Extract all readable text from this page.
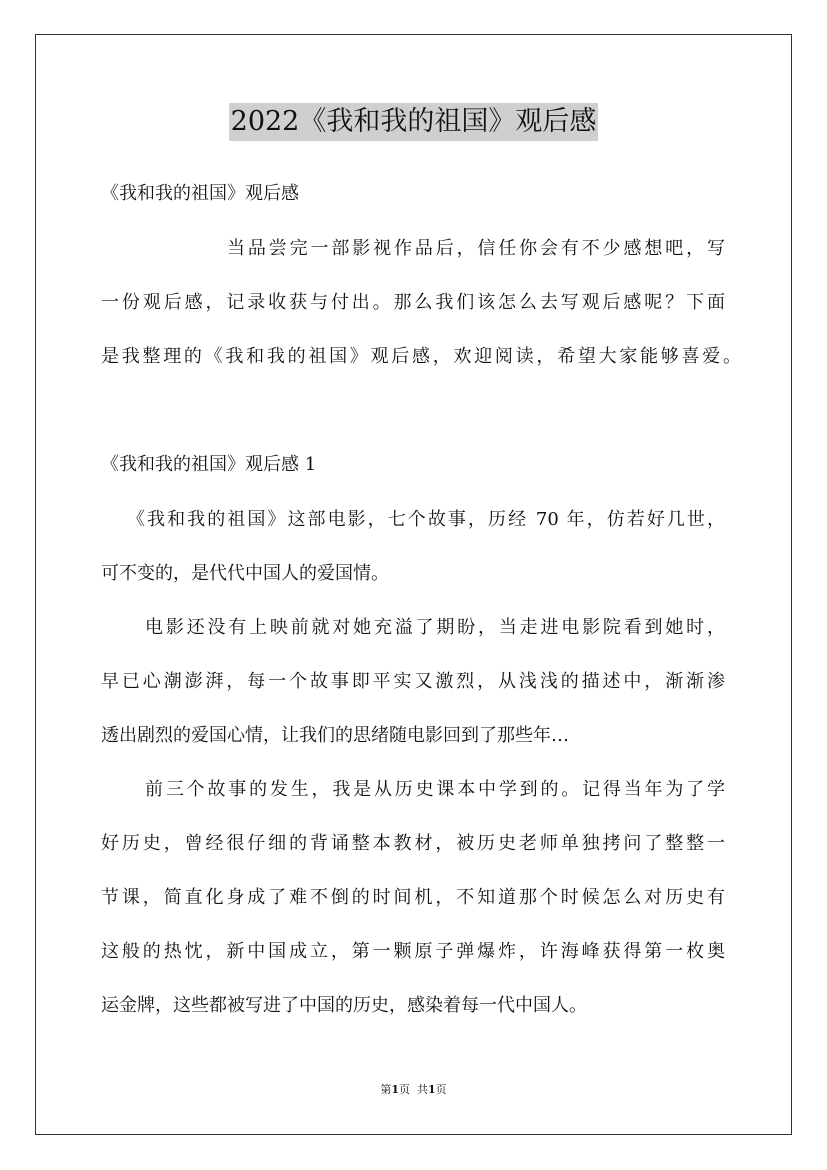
2022《我和我的祖国》观后感
《我和我的祖国》观后感
当品尝完一部影视作品后，信任你会有不少感想吧，写
一份观后感，记录收获与付出。那么我们该怎么去写观后感呢？下面
是我整理的《我和我的祖国》观后感，欢迎阅读，希望大家能够喜爱。
《我和我的祖国》观后感 1
《我和我的祖国》这部电影，七个故事，历经 70 年，仿若好几世，
可不变的，是代代中国人的爱国情。
电影还没有上映前就对她充溢了期盼，当走进电影院看到她时，
早已心潮澎湃，每一个故事即平实又激烈，从浅浅的描述中，渐渐渗
透出剧烈的爱国心情，让我们的思绪随电影回到了那些年…
前三个故事的发生，我是从历史课本中学到的。记得当年为了学
好历史，曾经很仔细的背诵整本教材，被历史老师单独拷问了整整一
节课，简直化身成了难不倒的时间机，不知道那个时候怎么对历史有
这般的热忱，新中国成立，第一颗原子弹爆炸，许海峰获得第一枚奥
运金牌，这些都被写进了中国的历史，感染着每一代中国人。
第1页 共1页
